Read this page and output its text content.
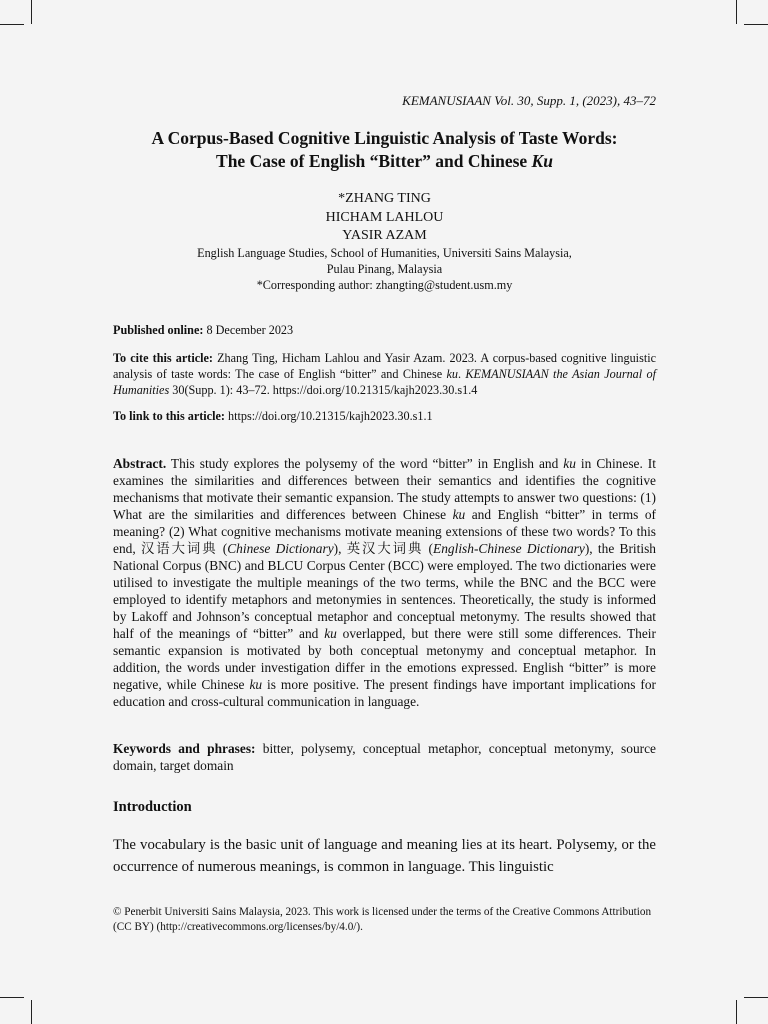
KEMANUSIAAN Vol. 30, Supp. 1, (2023), 43–72
A Corpus-Based Cognitive Linguistic Analysis of Taste Words:
The Case of English “Bitter” and Chinese Ku
*ZHANG TING
HICHAM LAHLOU
YASIR AZAM
English Language Studies, School of Humanities, Universiti Sains Malaysia,
Pulau Pinang, Malaysia
*Corresponding author: zhangting@student.usm.my
Published online: 8 December 2023
To cite this article: Zhang Ting, Hicham Lahlou and Yasir Azam. 2023. A corpus-based cognitive linguistic analysis of taste words: The case of English “bitter” and Chinese ku. KEMANUSIAAN the Asian Journal of Humanities 30(Supp. 1): 43–72. https://doi.org/10.21315/kajh2023.30.s1.4
To link to this article: https://doi.org/10.21315/kajh2023.30.s1.1
Abstract. This study explores the polysemy of the word “bitter” in English and ku in Chinese. It examines the similarities and differences between their semantics and identifies the cognitive mechanisms that motivate their semantic expansion. The study attempts to answer two questions: (1) What are the similarities and differences between Chinese ku and English “bitter” in terms of meaning? (2) What cognitive mechanisms motivate meaning extensions of these two words? To this end, 汉语大词典 (Chinese Dictionary), 英汉大词典 (English-Chinese Dictionary), the British National Corpus (BNC) and BLCU Corpus Center (BCC) were employed. The two dictionaries were utilised to investigate the multiple meanings of the two terms, while the BNC and the BCC were employed to identify metaphors and metonymies in sentences. Theoretically, the study is informed by Lakoff and Johnson’s conceptual metaphor and conceptual metonymy. The results showed that half of the meanings of “bitter” and ku overlapped, but there were still some differences. Their semantic expansion is motivated by both conceptual metonymy and conceptual metaphor. In addition, the words under investigation differ in the emotions expressed. English “bitter” is more negative, while Chinese ku is more positive. The present findings have important implications for education and cross-cultural communication in language.
Keywords and phrases: bitter, polysemy, conceptual metaphor, conceptual metonymy, source domain, target domain
Introduction
The vocabulary is the basic unit of language and meaning lies at its heart. Polysemy, or the occurrence of numerous meanings, is common in language. This linguistic
© Penerbit Universiti Sains Malaysia, 2023. This work is licensed under the terms of the Creative Commons Attribution (CC BY) (http://creativecommons.org/licenses/by/4.0/).
